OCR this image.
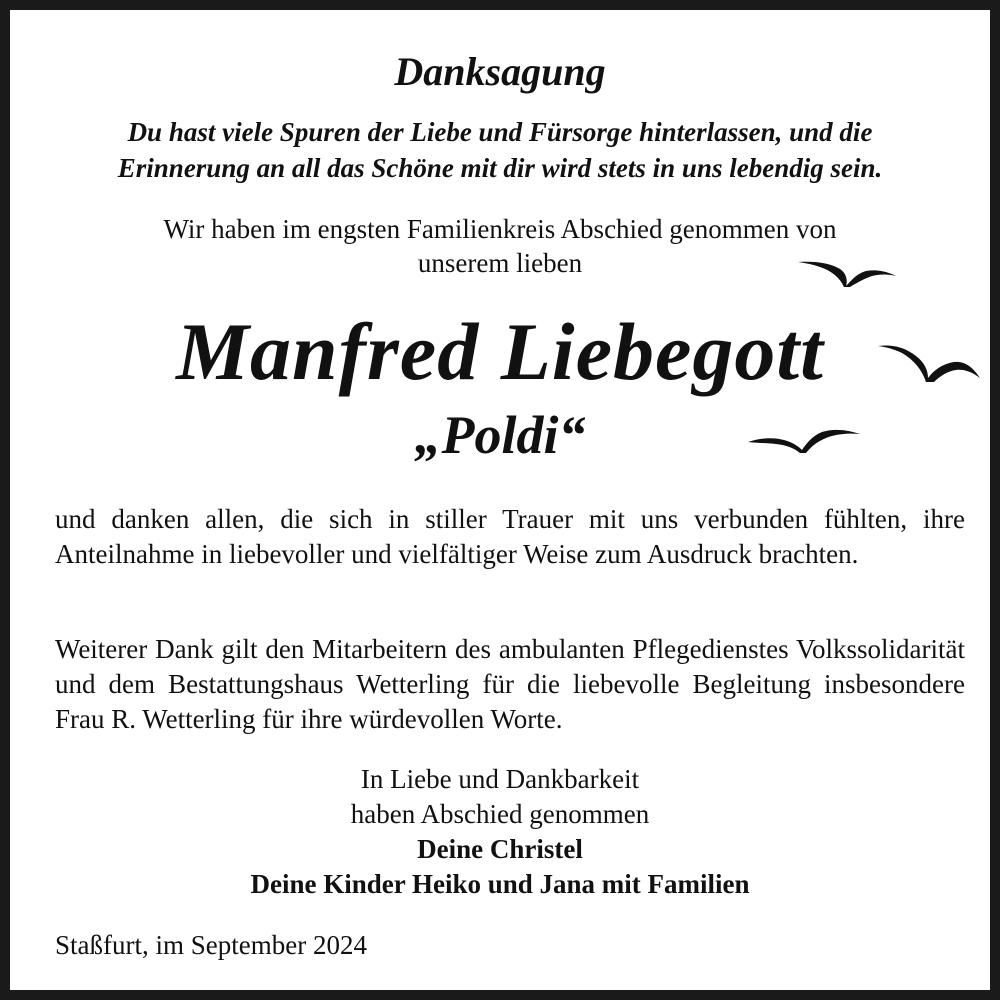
Danksagung
Du hast viele Spuren der Liebe und Fürsorge hinterlassen, und die
Erinnerung an all das Schöne mit dir wird stets in uns lebendig sein.
Wir haben im engsten Familienkreis Abschied genommen von
unserem lieben
Manfred Liebegott
„Poldi“

und danken allen, die sich in stiller Trauer mit uns verbunden fühlten, ihre Anteilnahme in liebevoller und vielfältiger Weise zum Ausdruck brachten.

Weiterer Dank gilt den Mitarbeitern des ambulanten Pflegedienstes Volkssolidarität und dem Bestattungshaus Wetterling für die liebevolle Begleitung insbesondere Frau R. Wetterling für ihre würdevollen Worte.

In Liebe und Dankbarkeit
haben Abschied genommen
Deine Christel
Deine Kinder Heiko und Jana mit Familien
Staßfurt, im September 2024
